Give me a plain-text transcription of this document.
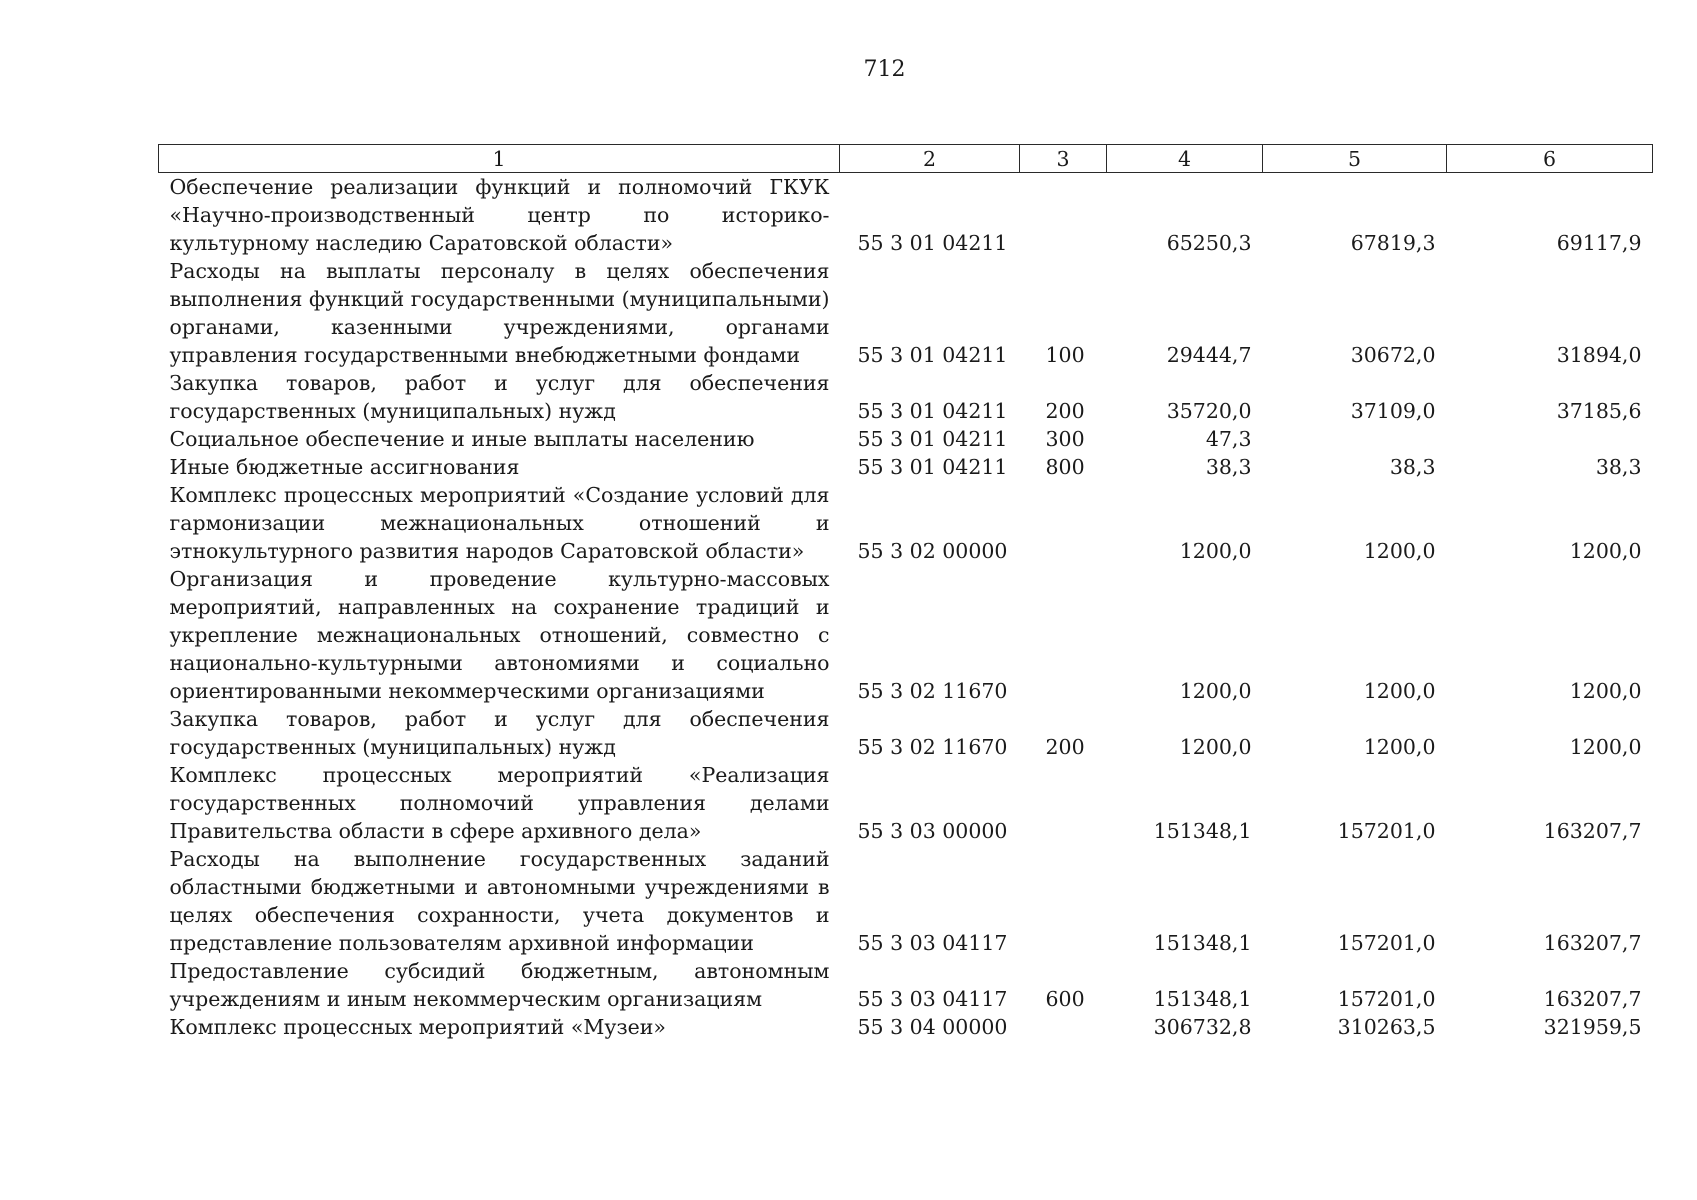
712
1	2	3	4	5	6
Обеспечение реализации функций и полномочий ГКУК «Научно-производственный центр по историко-культурному наследию Саратовской области»	55 3 01 04211		65250,3	67819,3	69117,9
Расходы на выплаты персоналу в целях обеспечения выполнения функций государственными (муниципальными) органами, казенными учреждениями, органами управления государственными внебюджетными фондами	55 3 01 04211	100	29444,7	30672,0	31894,0
Закупка товаров, работ и услуг для обеспечения государственных (муниципальных) нужд	55 3 01 04211	200	35720,0	37109,0	37185,6
Социальное обеспечение и иные выплаты населению	55 3 01 04211	300	47,3		
Иные бюджетные ассигнования	55 3 01 04211	800	38,3	38,3	38,3
Комплекс процессных мероприятий «Создание условий для гармонизации межнациональных отношений и этнокультурного развития народов Саратовской области»	55 3 02 00000		1200,0	1200,0	1200,0
Организация и проведение культурно-массовых мероприятий, направленных на сохранение традиций и укрепление межнациональных отношений, совместно с национально-культурными автономиями и социально ориентированными некоммерческими организациями	55 3 02 11670		1200,0	1200,0	1200,0
Закупка товаров, работ и услуг для обеспечения государственных (муниципальных) нужд	55 3 02 11670	200	1200,0	1200,0	1200,0
Комплекс процессных мероприятий «Реализация государственных полномочий управления делами Правительства области в сфере архивного дела»	55 3 03 00000		151348,1	157201,0	163207,7
Расходы на выполнение государственных заданий областными бюджетными и автономными учреждениями в целях обеспечения сохранности, учета документов и представление пользователям архивной информации	55 3 03 04117		151348,1	157201,0	163207,7
Предоставление субсидий бюджетным, автономным учреждениям и иным некоммерческим организациям	55 3 03 04117	600	151348,1	157201,0	163207,7
Комплекс процессных мероприятий «Музеи»	55 3 04 00000		306732,8	310263,5	321959,5
